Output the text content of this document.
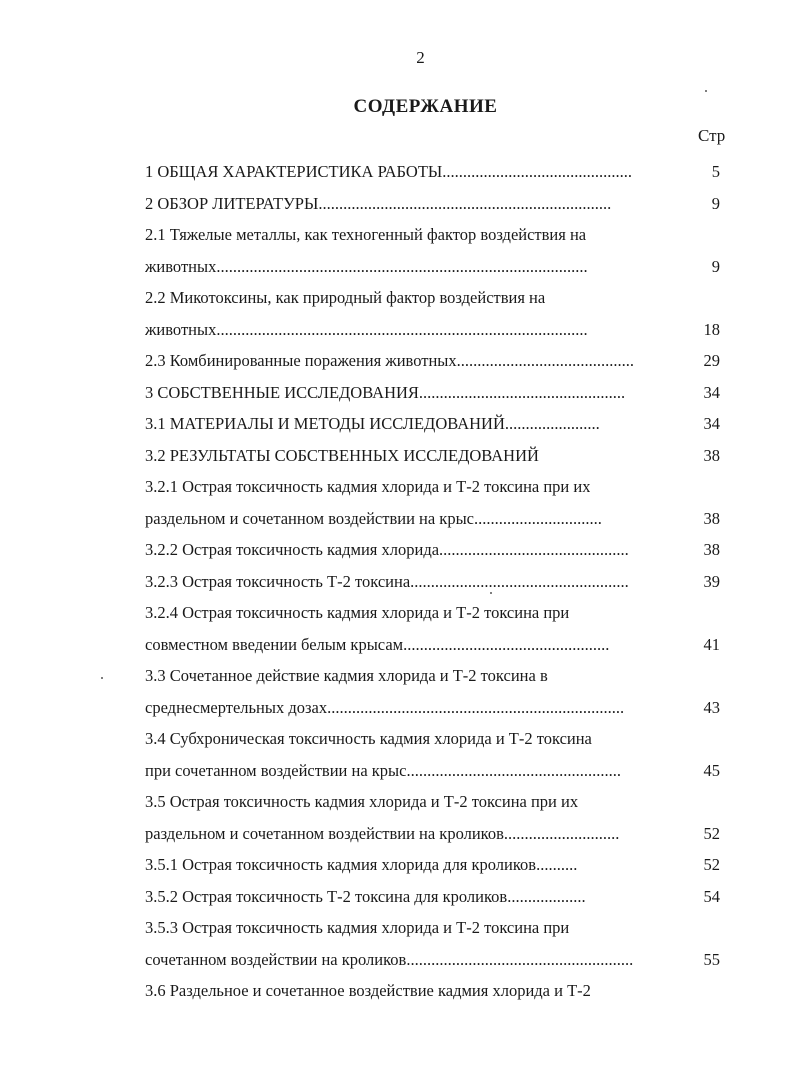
2
СОДЕРЖАНИЕ
Стр
1 ОБЩАЯ ХАРАКТЕРИСТИКА РАБОТЫ..............................................	5
2 ОБЗОР ЛИТЕРАТУРЫ.......................................................................	9
2.1 Тяжелые металлы, как техногенный фактор воздействия на
животных..........................................................................................	9
2.2 Микотоксины, как природный фактор воздействия на
животных..........................................................................................	18
2.3 Комбинированные поражения животных...........................................	29
3 СОБСТВЕННЫЕ ИССЛЕДОВАНИЯ..................................................	34
3.1 МАТЕРИАЛЫ И МЕТОДЫ ИССЛЕДОВАНИЙ.......................	34
3.2 РЕЗУЛЬТАТЫ СОБСТВЕННЫХ ИССЛЕДОВАНИЙ	38
3.2.1 Острая токсичность кадмия хлорида и Т-2 токсина при их
раздельном и сочетанном воздействии на крыс...............................	38
3.2.2 Острая токсичность кадмия хлорида..............................................	38
3.2.3 Острая токсичность Т-2 токсина.....................................................	39
3.2.4 Острая токсичность кадмия хлорида и Т-2 токсина при
совместном введении белым крысам..................................................	41
3.3 Сочетанное действие кадмия хлорида и Т-2 токсина в
среднесмертельных дозах........................................................................	43
3.4 Субхроническая токсичность кадмия хлорида и Т-2 токсина
при сочетанном воздействии на крыс....................................................	45
3.5 Острая токсичность кадмия хлорида и Т-2 токсина при их
раздельном и сочетанном воздействии на кроликов............................	52
3.5.1 Острая токсичность кадмия хлорида для кроликов..........	52
3.5.2 Острая токсичность Т-2 токсина для кроликов...................	54
3.5.3 Острая токсичность кадмия хлорида и Т-2 токсина при
сочетанном воздействии на кроликов.......................................................	55
3.6 Раздельное и сочетанное воздействие кадмия хлорида и Т-2
